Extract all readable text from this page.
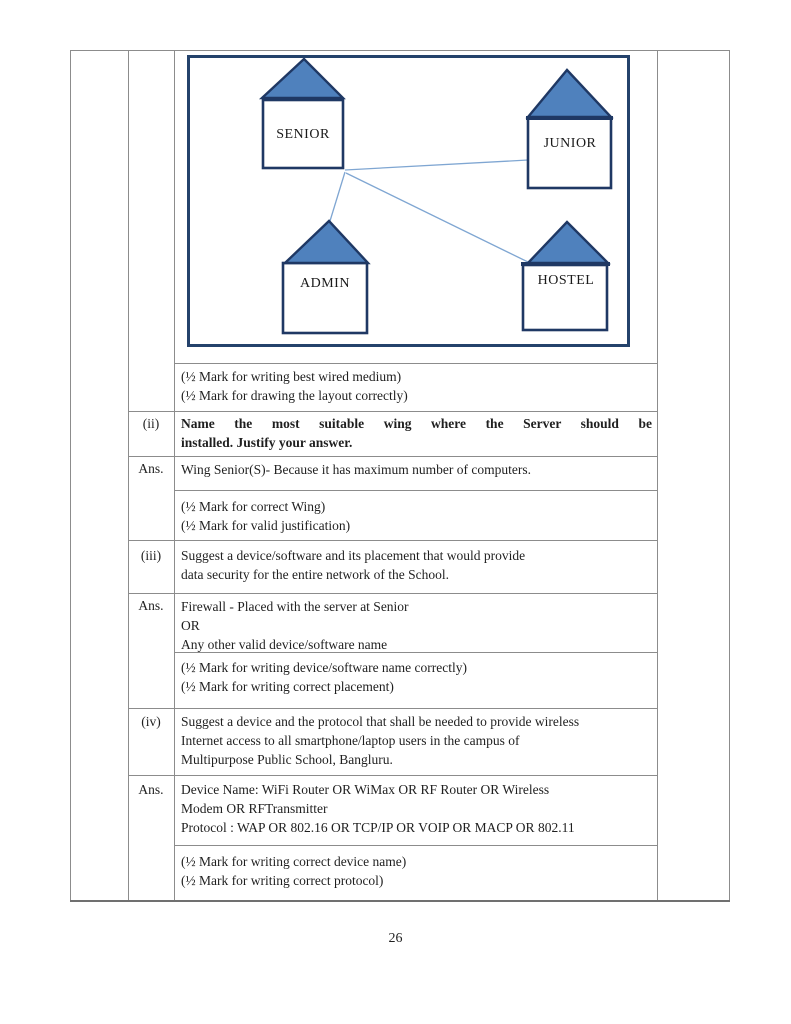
SENIOR
JUNIOR
ADMIN	HOSTEL
(½ Mark for writing best wired medium)
(½ Mark for drawing the layout correctly)
(ii)	Name the most suitable wing where the Server should be
installed. Justify your answer.
Ans.	Wing Senior(S)- Because it has maximum number of computers.
(½ Mark for correct Wing)
(½ Mark for valid justification)
(iii)	Suggest a device/software and its placement that would provide
data security for the entire network of the School.
Ans.	Firewall - Placed with the server at Senior
OR
Any other valid device/software name
(½ Mark for writing device/software name correctly)
(½ Mark for writing correct placement)
(iv)	Suggest a device and the protocol that shall be needed to provide wireless
Internet access to all smartphone/laptop users in the campus of
Multipurpose Public School, Bangluru.
Ans.	Device Name: WiFi Router OR WiMax OR RF Router OR Wireless
Modem OR RFTransmitter
Protocol : WAP OR 802.16 OR TCP/IP OR VOIP OR MACP OR 802.11
(½ Mark for writing correct device name)
(½ Mark for writing correct protocol)
26
